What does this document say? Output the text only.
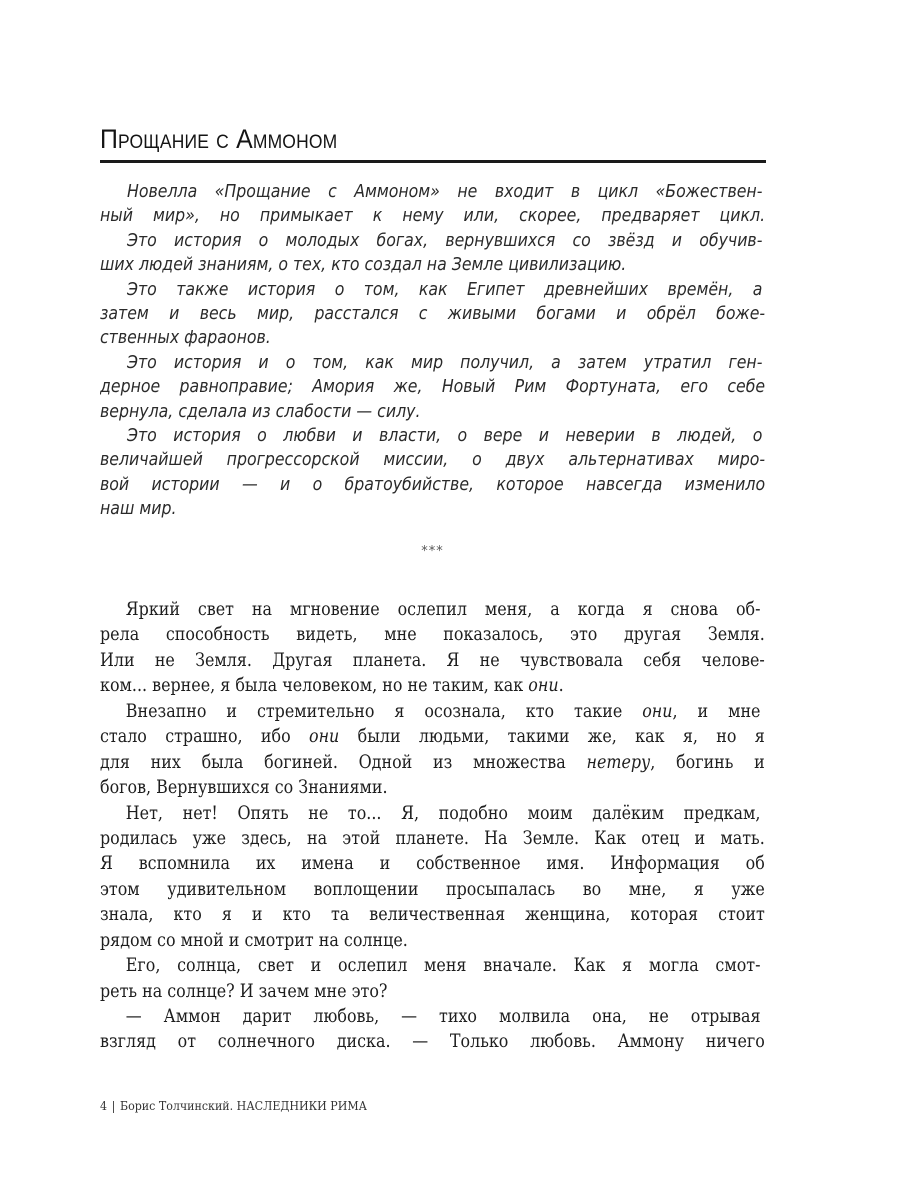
Прощание с Аммоном
Новелла «Прощание с Аммоном» не входит в цикл «Божествен-
ный мир», но примыкает к нему или, скорее, предваряет цикл.
Это история о молодых богах, вернувшихся со звёзд и обучив-
ших людей знаниям, о тех, кто создал на Земле цивилизацию.
Это также история о том, как Египет древнейших времён, а
затем и весь мир, расстался с живыми богами и обрёл боже-
ственных фараонов.
Это история и о том, как мир получил, а затем утратил ген-
дерное равноправие; Амория же, Новый Рим Фортуната, его себе
вернула, сделала из слабости — силу.
Это история о любви и власти, о вере и неверии в людей, о
величайшей прогрессорской миссии, о двух альтернативах миро-
вой истории — и о братоубийстве, которое навсегда изменило
наш мир.
***
Яркий свет на мгновение ослепил меня, а когда я снова об-
рела способность видеть, мне показалось, это другая Земля.
Или не Земля. Другая планета. Я не чувствовала себя челове-
ком... вернее, я была человеком, но не таким, как они.
Внезапно и стремительно я осознала, кто такие они, и мне
стало страшно, ибо они были людьми, такими же, как я, но я
для них была богиней. Одной из множества нетеру, богинь и
богов, Вернувшихся со Знаниями.
Нет, нет! Опять не то... Я, подобно моим далёким предкам,
родилась уже здесь, на этой планете. На Земле. Как отец и мать.
Я вспомнила их имена и собственное имя. Информация об
этом удивительном воплощении просыпалась во мне, я уже
знала, кто я и кто та величественная женщина, которая стоит
рядом со мной и смотрит на солнце.
Его, солнца, свет и ослепил меня вначале. Как я могла смот-
реть на солнце? И зачем мне это?
— Аммон дарит любовь, — тихо молвила она, не отрывая
взгляд от солнечного диска. — Только любовь. Аммону ничего
4 | Борис Толчинский. НАСЛЕДНИКИ РИМА
